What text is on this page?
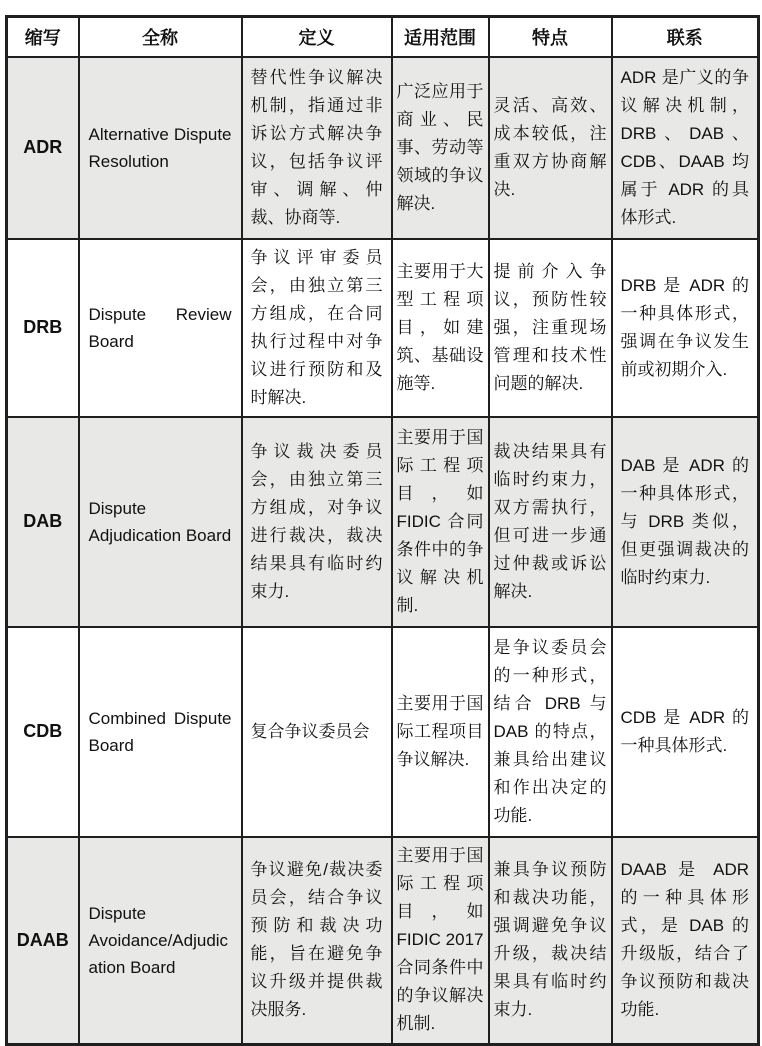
缩写	全称	定义	适用范围	特点	联系
ADR	Alternative Dispute Resolution	替代性争议解决机制，指通过非诉讼方式解决争议，包括争议评审、调解、仲裁、协商等.	广泛应用于商业、民事、劳动等领域的争议解决.	灵活、高效、成本较低，注重双方协商解决.	ADR 是广义的争议解决机制，DRB、DAB、CDB、DAAB 均属于 ADR 的具体形式.
DRB	Dispute Review Board	争议评审委员会，由独立第三方组成，在合同执行过程中对争议进行预防和及时解决.	主要用于大型工程项目，如建筑、基础设施等.	提前介入争议，预防性较强，注重现场管理和技术性问题的解决.	DRB 是 ADR 的一种具体形式，强调在争议发生前或初期介入.
DAB	Dispute Adjudication Board	争议裁决委员会，由独立第三方组成，对争议进行裁决，裁决结果具有临时约束力.	主要用于国际工程项目，如 FIDIC 合同条件中的争议解决机制.	裁决结果具有临时约束力，双方需执行，但可进一步通过仲裁或诉讼解决.	DAB 是 ADR 的一种具体形式，与 DRB 类似，但更强调裁决的临时约束力.
CDB	Combined Dispute Board	复合争议委员会	主要用于国际工程项目争议解决.	是争议委员会的一种形式，结合 DRB 与 DAB 的特点，兼具给出建议和作出决定的功能.	CDB 是 ADR 的一种具体形式.
DAAB	Dispute Avoidance/Adjudication Board	争议避免/裁决委员会，结合争议预防和裁决功能，旨在避免争议升级并提供裁决服务.	主要用于国际工程项目，如 FIDIC 2017 合同条件中的争议解决机制.	兼具争议预防和裁决功能，强调避免争议升级，裁决结果具有临时约束力.	DAAB 是 ADR 的一种具体形式，是 DAB 的升级版，结合了争议预防和裁决功能.
